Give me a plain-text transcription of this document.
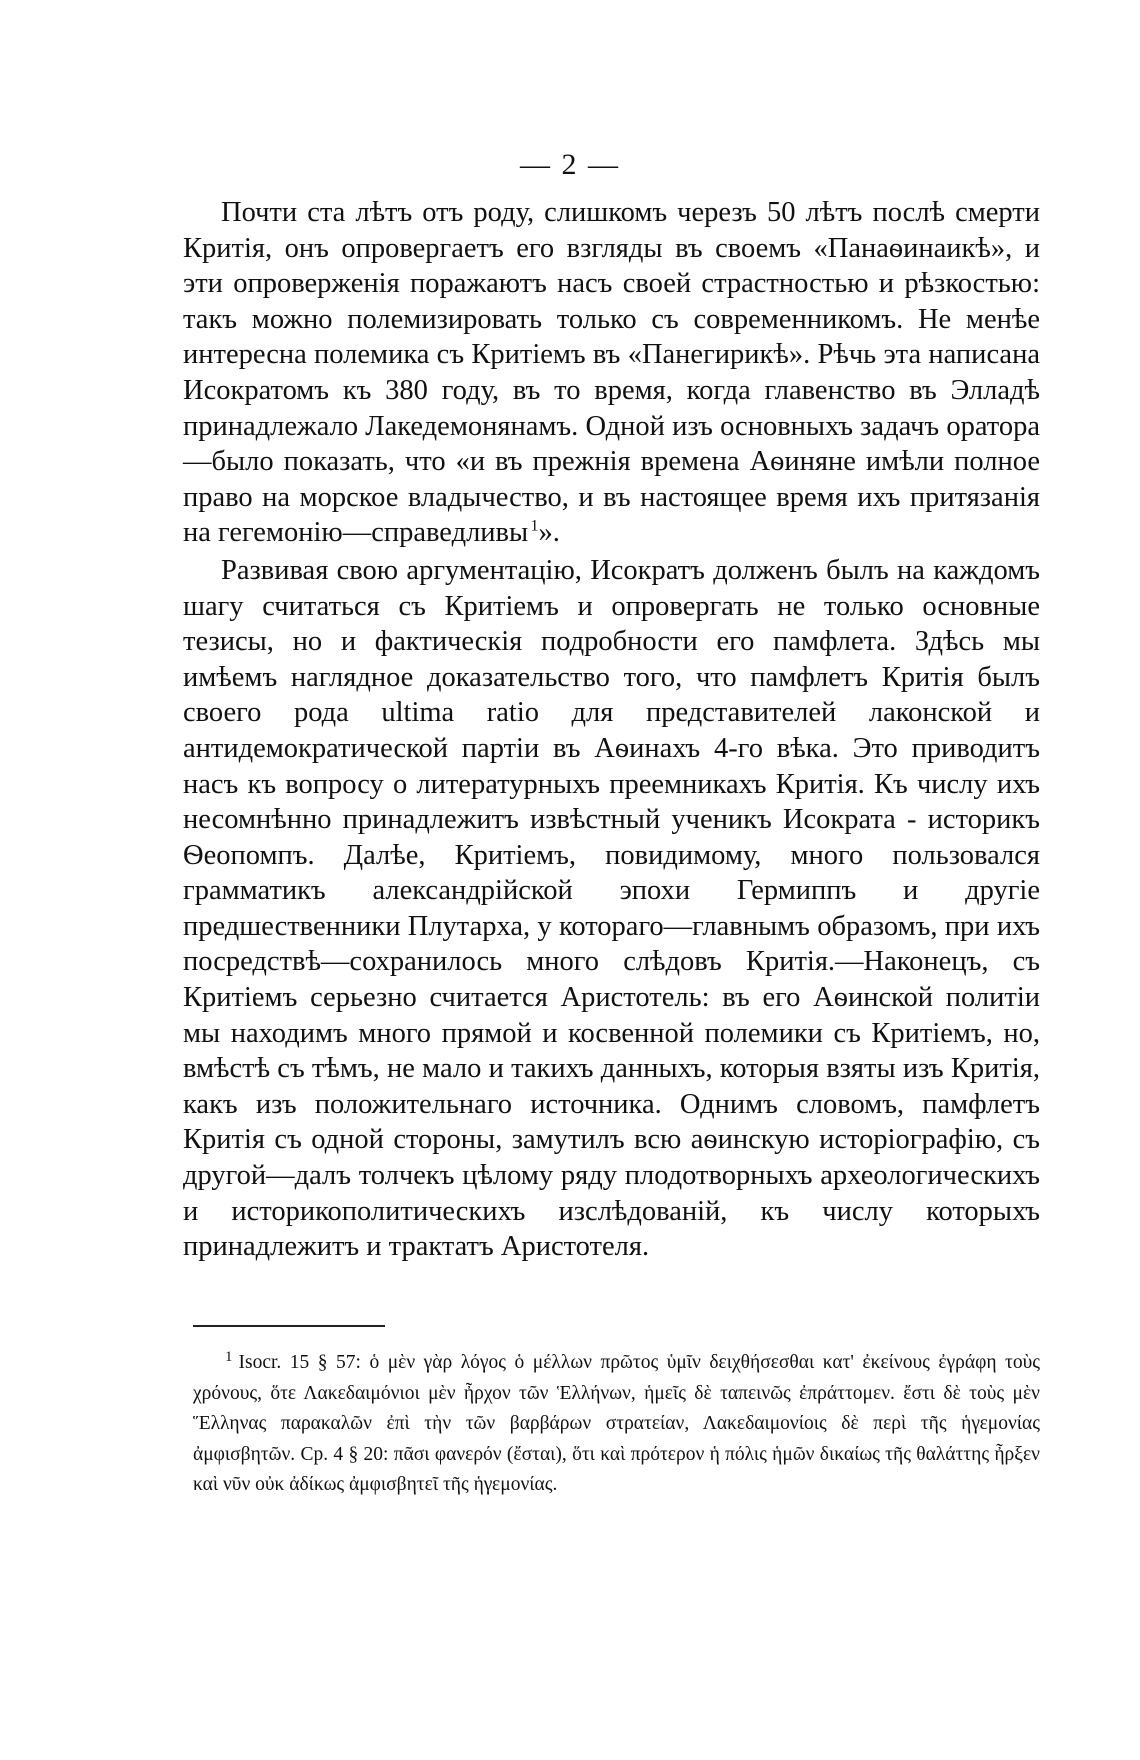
— 2 —

Почти ста лѣтъ отъ роду, слишкомъ черезъ 50 лѣтъ послѣ смерти Критія, онъ опровергаетъ его взгляды въ своемъ «Панаѳинаикѣ», и эти опроверженія поражаютъ насъ своей страстностью и рѣзкостью: такъ можно полемизировать только съ современникомъ. Не менѣе интересна полемика съ Критіемъ въ «Панегирикѣ». Рѣчь эта написана Исократомъ къ 380 году, въ то время, когда главенство въ Элладѣ принадлежало Лакедемонянамъ. Одной изъ основныхъ задачъ оратора—было показать, что «и въ прежнія времена Аѳиняне имѣли полное право на морское владычество, и въ настоящее время ихъ притязанія на гегемонію—справедливы  $^1$».

Развивая свою аргументацію, Исократъ долженъ былъ на каждомъ шагу считаться съ Критіемъ и опровергать не только основные тезисы, но и фактическія подробности его памфлета. Здѣсь мы имѣемъ наглядное доказательство того, что памфлетъ Критія былъ своего рода ultima ratio для представителей лаконской и антидемократической партіи въ Аѳинахъ 4-го вѣка. Это приводитъ насъ къ вопросу о литературныхъ преемникахъ Критія. Къ числу ихъ несомнѣнно принадлежитъ извѣстный ученикъ Исократа - историкъ Ѳеопомпъ. Далѣе, Критіемъ, повидимому, много пользовался грамматикъ александрійской эпохи Гермиппъ и другіе предшественники Плутарха, у котораго—главнымъ образомъ, при ихъ посредствѣ—сохранилось много слѣдовъ Критія.—Наконецъ, съ Критіемъ серьезно считается Аристотель: въ его Аѳинской политіи мы находимъ много прямой и косвенной полемики съ Критіемъ, но, вмѣстѣ съ тѣмъ, не мало и такихъ данныхъ, которыя взяты изъ Критія, какъ изъ положительнаго источника. Однимъ словомъ, памфлетъ Критія съ одной стороны, замутилъ всю аѳинскую исторіографію, съ другой—далъ толчекъ цѣлому ряду плодотворныхъ археологическихъ и историкополитическихъ изслѣдованій, къ числу которыхъ принадлежитъ и трактатъ Аристотеля.

$^1$ Isocr. 15 § 57: ὁ μὲν γὰρ λόγος ὁ μέλλων πρῶτος ὑμῖν δειχθήσεσθαι κατ' ἐκείνους ἐγράφη τοὺς χρόνους, ὅτε Λακεδαιμόνιοι μὲν ἦρχον τῶν Ἑλλήνων, ἡμεῖς δὲ ταπεινῶς ἐπράττομεν. ἔστι δὲ τοὺς μὲν Ἕλληνας παρακαλῶν ἐπὶ τὴν τῶν βαρβάρων στρατείαν, Λακεδαιμονίοις δὲ περὶ τῆς ἡγεμονίας ἀμφισβητῶν. Cp. 4 § 20: πᾶσι φανερόν (ἔσται), ὅτι καὶ πρότερον ἡ πόλις ἡμῶν δικαίως τῆς θαλάττης ἦρξεν καὶ νῦν οὐκ ἀδίκως ἀμφισβητεῖ τῆς ἡγεμονίας.
